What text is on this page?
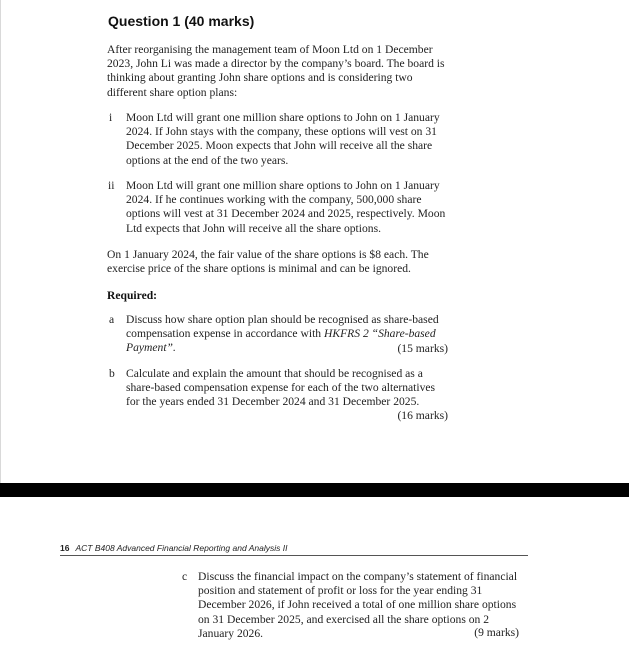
Question 1 (40 marks)
After reorganising the management team of Moon Ltd on 1 December 2023, John Li was made a director by the company’s board. The board is thinking about granting John share options and is considering two different share option plans:
i Moon Ltd will grant one million share options to John on 1 January 2024. If John stays with the company, these options will vest on 31 December 2025. Moon expects that John will receive all the share options at the end of the two years.
ii Moon Ltd will grant one million share options to John on 1 January 2024. If he continues working with the company, 500,000 share options will vest at 31 December 2024 and 2025, respectively. Moon Ltd expects that John will receive all the share options.
On 1 January 2024, the fair value of the share options is $8 each. The exercise price of the share options is minimal and can be ignored.
Required:
a Discuss how share option plan should be recognised as share-based compensation expense in accordance with HKFRS 2 “Share-based Payment”.	(15 marks)
b Calculate and explain the amount that should be recognised as a share-based compensation expense for each of the two alternatives for the years ended 31 December 2024 and 31 December 2025.
(16 marks)
16 ACT B408 Advanced Financial Reporting and Analysis II
c Discuss the financial impact on the company’s statement of financial position and statement of profit or loss for the year ending 31 December 2026, if John received a total of one million share options on 31 December 2025, and exercised all the share options on 2 January 2026.	(9 marks)
